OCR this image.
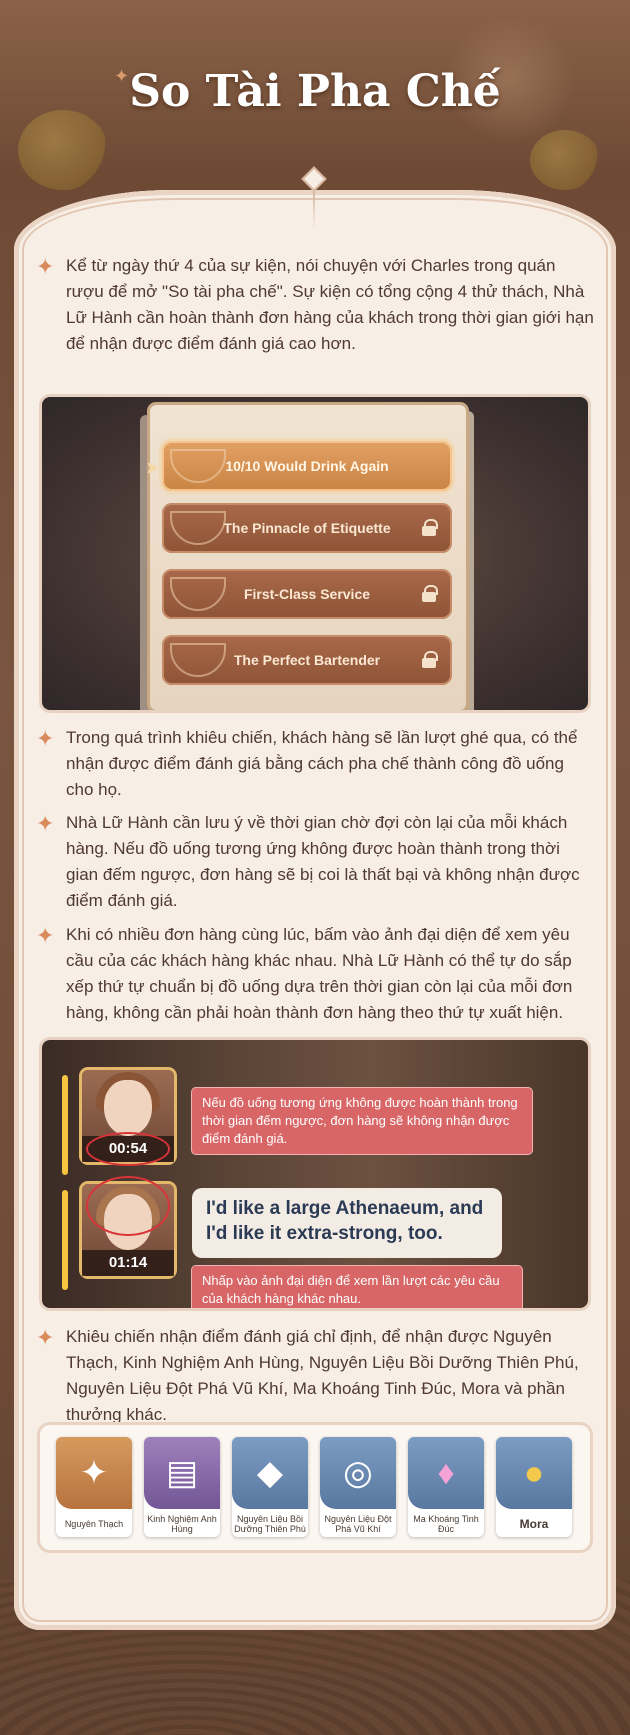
✦ So Tài Pha Chế
✦ Kể từ ngày thứ 4 của sự kiện, nói chuyện với Charles trong quán rượu để mở "So tài pha chế". Sự kiện có tổng cộng 4 thử thách, Nhà Lữ Hành cần hoàn thành đơn hàng của khách trong thời gian giới hạn để nhận được điểm đánh giá cao hơn.
➤	10/10 Would Drink Again
The Pinnacle of Etiquette
First-Class Service
The Perfect Bartender
✦ Trong quá trình khiêu chiến, khách hàng sẽ lần lượt ghé qua, có thể nhận được điểm đánh giá bằng cách pha chế thành công đồ uống cho họ.
✦ Nhà Lữ Hành cần lưu ý về thời gian chờ đợi còn lại của mỗi khách hàng. Nếu đồ uống tương ứng không được hoàn thành trong thời gian đếm ngược, đơn hàng sẽ bị coi là thất bại và không nhận được điểm đánh giá.
✦ Khi có nhiều đơn hàng cùng lúc, bấm vào ảnh đại diện để xem yêu cầu của các khách hàng khác nhau. Nhà Lữ Hành có thể tự do sắp xếp thứ tự chuẩn bị đồ uống dựa trên thời gian còn lại của mỗi đơn hàng, không cần phải hoàn thành đơn hàng theo thứ tự xuất hiện.
00:54
Nếu đồ uống tương ứng không được hoàn thành trong thời gian đếm ngược, đơn hàng sẽ không nhận được điểm đánh giá.
01:14
I'd like a large Athenaeum, and I'd like it extra-strong, too.
Nhấp vào ảnh đại diện để xem lần lượt các yêu cầu của khách hàng khác nhau.
✦ Khiêu chiến nhận điểm đánh giá chỉ định, để nhận được Nguyên Thạch, Kinh Nghiệm Anh Hùng, Nguyên Liệu Bồi Dưỡng Thiên Phú, Nguyên Liệu Đột Phá Vũ Khí, Ma Khoáng Tinh Đúc, Mora và phần thưởng khác.
✦
Nguyên Thạch
▤
Kinh Nghiệm Anh Hùng
◆
Nguyên Liệu Bồi Dưỡng Thiên Phú
◎
Nguyên Liệu Đột Phá Vũ Khí
♦
Ma Khoáng Tinh Đúc
●
Mora
